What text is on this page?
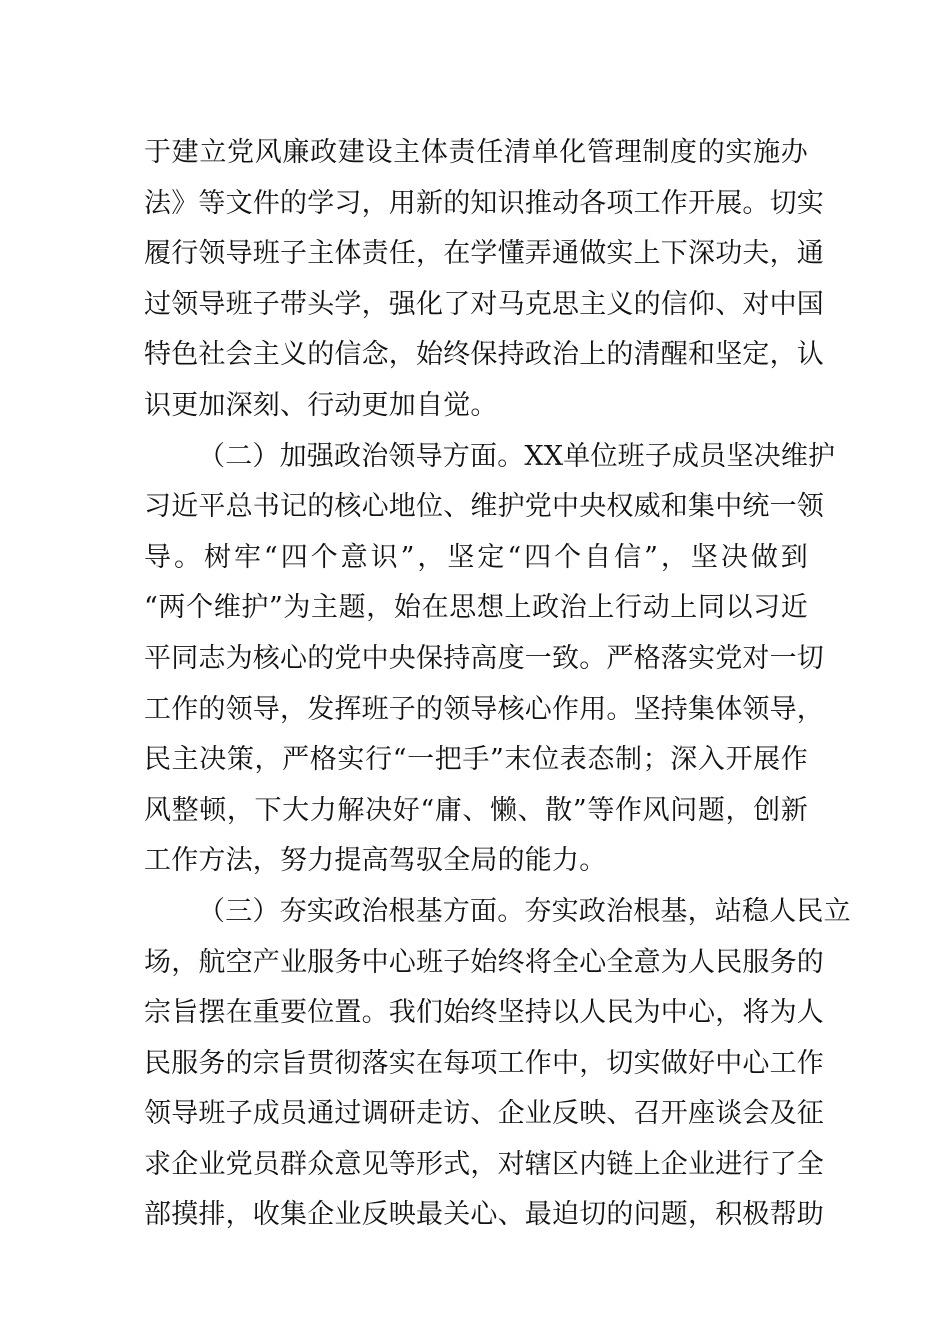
于建立党风廉政建设主体责任清单化管理制度的实施办
法》等文件的学习，用新的知识推动各项工作开展。切实
履行领导班子主体责任，在学懂弄通做实上下深功夫，通
过领导班子带头学，强化了对马克思主义的信仰、对中国
特色社会主义的信念，始终保持政治上的清醒和坚定，认
识更加深刻、行动更加自觉。
（二）加强政治领导方面。XX单位班子成员坚决维护
习近平总书记的核心地位、维护党中央权威和集中统一领
导。树牢“四个意识”，坚定“四个自信”，坚决做到
“两个维护”为主题，始在思想上政治上行动上同以习近
平同志为核心的党中央保持高度一致。严格落实党对一切
工作的领导，发挥班子的领导核心作用。坚持集体领导，
民主决策，严格实行“一把手”末位表态制；深入开展作
风整顿，下大力解决好“庸、懒、散”等作风问题，创新
工作方法，努力提高驾驭全局的能力。
（三）夯实政治根基方面。夯实政治根基，站稳人民立
场，航空产业服务中心班子始终将全心全意为人民服务的
宗旨摆在重要位置。我们始终坚持以人民为中心，将为人
民服务的宗旨贯彻落实在每项工作中，切实做好中心工作
领导班子成员通过调研走访、企业反映、召开座谈会及征
求企业党员群众意见等形式，对辖区内链上企业进行了全
部摸排，收集企业反映最关心、最迫切的问题，积极帮助
